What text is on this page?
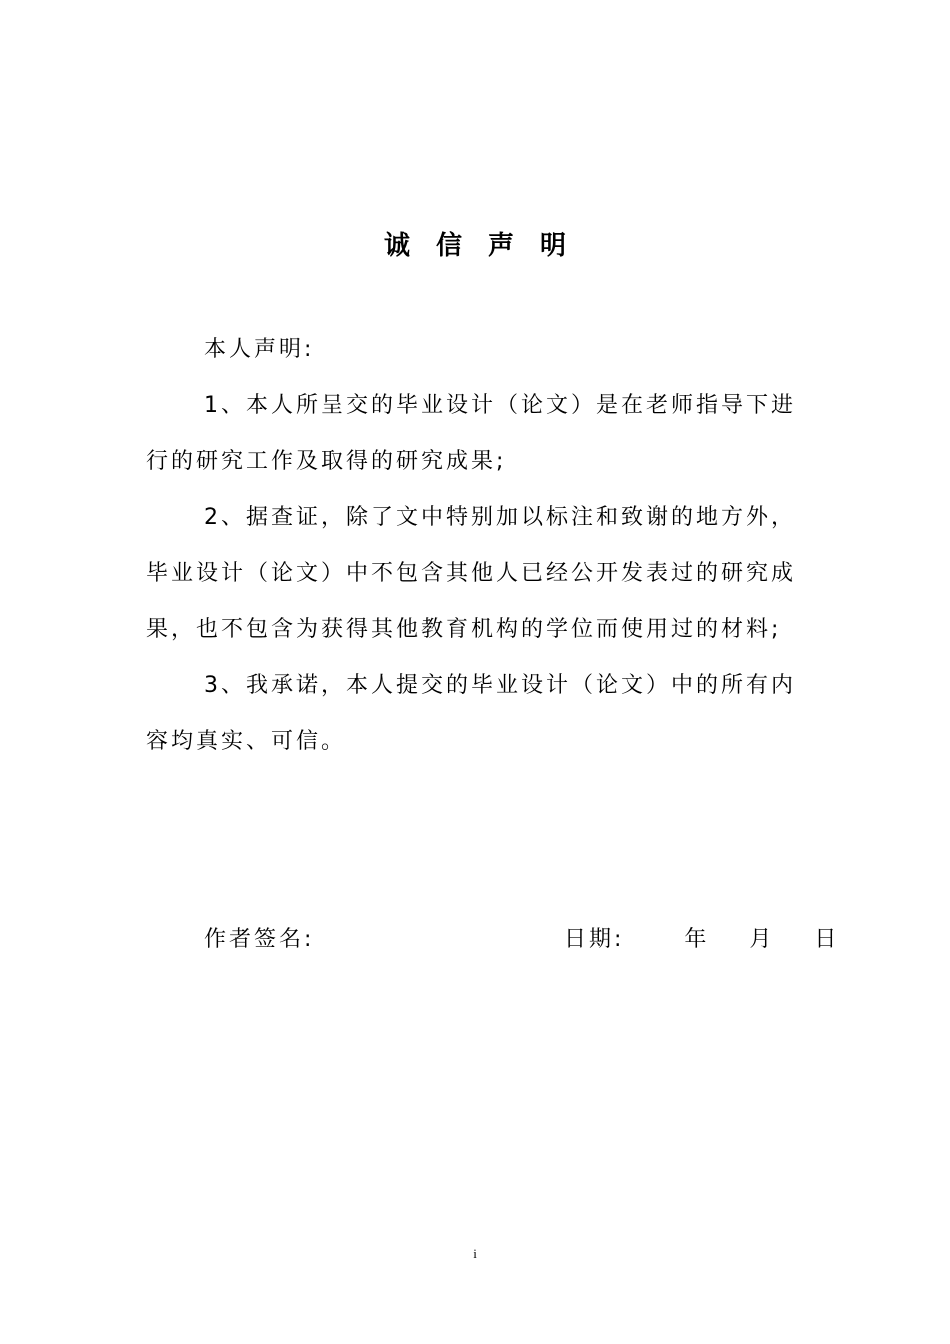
诚信声明

本人声明:

1、本人所呈交的毕业设计（论文）是在老师指导下进行的研究工作及取得的研究成果;

2、据查证，除了文中特别加以标注和致谢的地方外，毕业设计（论文）中不包含其他人已经公开发表过的研究成果，也不包含为获得其他教育机构的学位而使用过的材料;

3、我承诺，本人提交的毕业设计（论文）中的所有内容均真实、可信。

作者签名:	日期:	年 月 日
i
